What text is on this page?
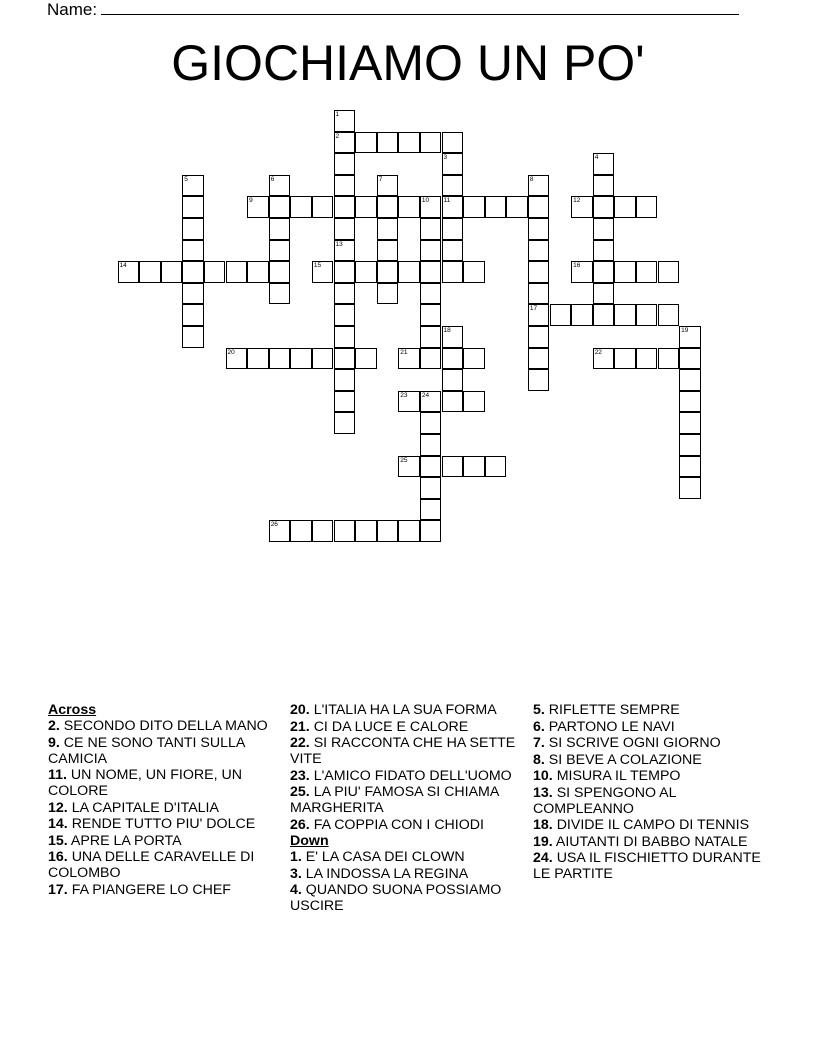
Name:
GIOCHIAMO UN PO'
1
2
13
3
11
4
5	6	7	8
17
9	10	12
14	15	16
18	19
20	21	22
23 24
25
26
Across
2. SECONDO DITO DELLA MANO
9. CE NE SONO TANTI SULLA CAMICIA
11. UN NOME, UN FIORE, UN COLORE
12. LA CAPITALE D'ITALIA
14. RENDE TUTTO PIU' DOLCE
15. APRE LA PORTA
16. UNA DELLE CARAVELLE DI COLOMBO
17. FA PIANGERE LO CHEF
20. L'ITALIA HA LA SUA FORMA
21. CI DA LUCE E CALORE
22. SI RACCONTA CHE HA SETTE VITE
23. L'AMICO FIDATO DELL'UOMO
25. LA PIU' FAMOSA SI CHIAMA MARGHERITA
26. FA COPPIA CON I CHIODI
Down
1. E' LA CASA DEI CLOWN
3. LA INDOSSA LA REGINA
4. QUANDO SUONA POSSIAMO USCIRE
5. RIFLETTE SEMPRE
6. PARTONO LE NAVI
7. SI SCRIVE OGNI GIORNO
8. SI BEVE A COLAZIONE
10. MISURA IL TEMPO
13. SI SPENGONO AL COMPLEANNO
18. DIVIDE IL CAMPO DI TENNIS
19. AIUTANTI DI BABBO NATALE
24. USA IL FISCHIETTO DURANTE LE PARTITE
